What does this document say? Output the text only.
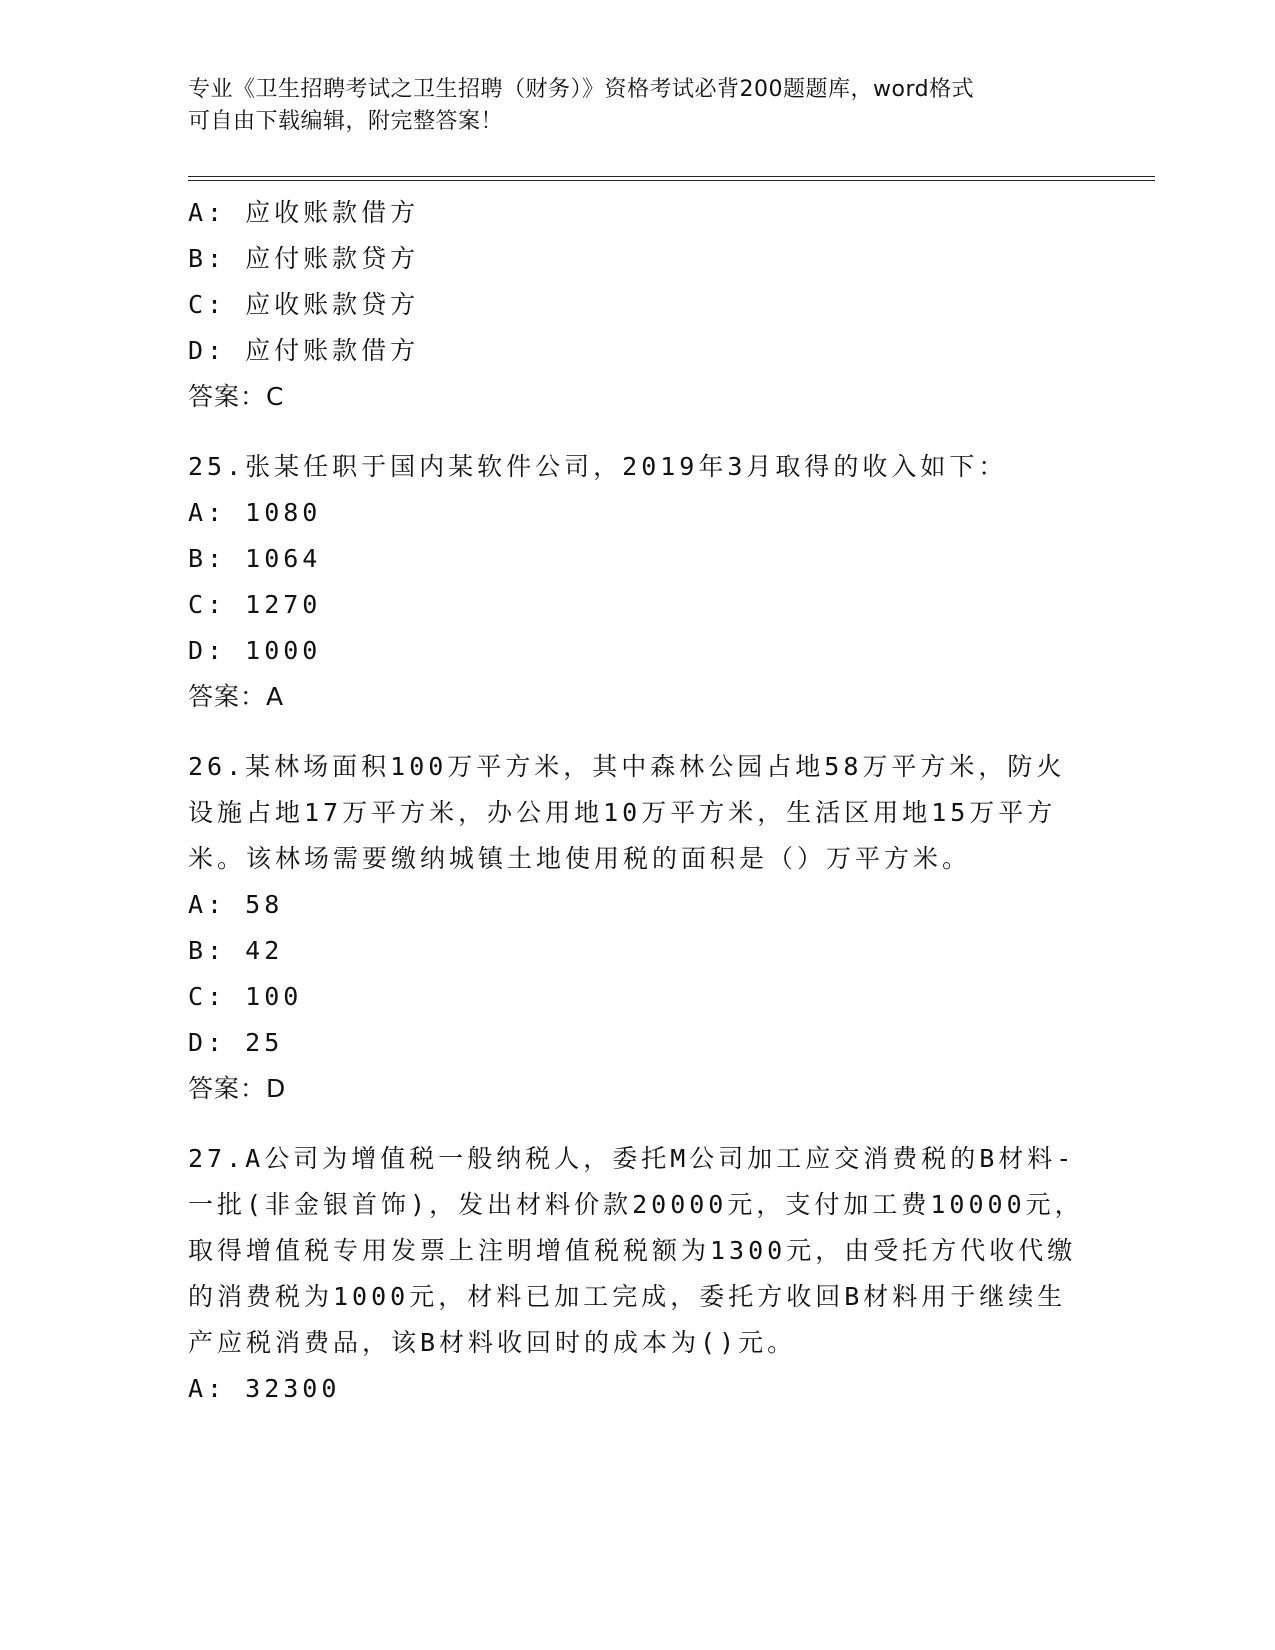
专业《卫生招聘考试之卫生招聘（财务）》资格考试必背200题题库，word格式
可自由下载编辑，附完整答案！
A: 应收账款借方
B: 应付账款贷方
C: 应收账款贷方
D: 应付账款借方
答案：C
25.张某任职于国内某软件公司，2019年3月取得的收入如下：
A: 1080
B: 1064
C: 1270
D: 1000
答案：A
26.某林场面积100万平方米，其中森林公园占地58万平方米，防火
设施占地17万平方米，办公用地10万平方米，生活区用地15万平方
米。该林场需要缴纳城镇土地使用税的面积是（）万平方米。
A: 58
B: 42
C: 100
D: 25
答案：D
27.A公司为增值税一般纳税人，委托M公司加工应交消费税的B材料-
一批(非金银首饰)，发出材料价款20000元，支付加工费10000元，
取得增值税专用发票上注明增值税税额为1300元，由受托方代收代缴
的消费税为1000元，材料已加工完成，委托方收回B材料用于继续生
产应税消费品，该B材料收回时的成本为()元。
A: 32300
